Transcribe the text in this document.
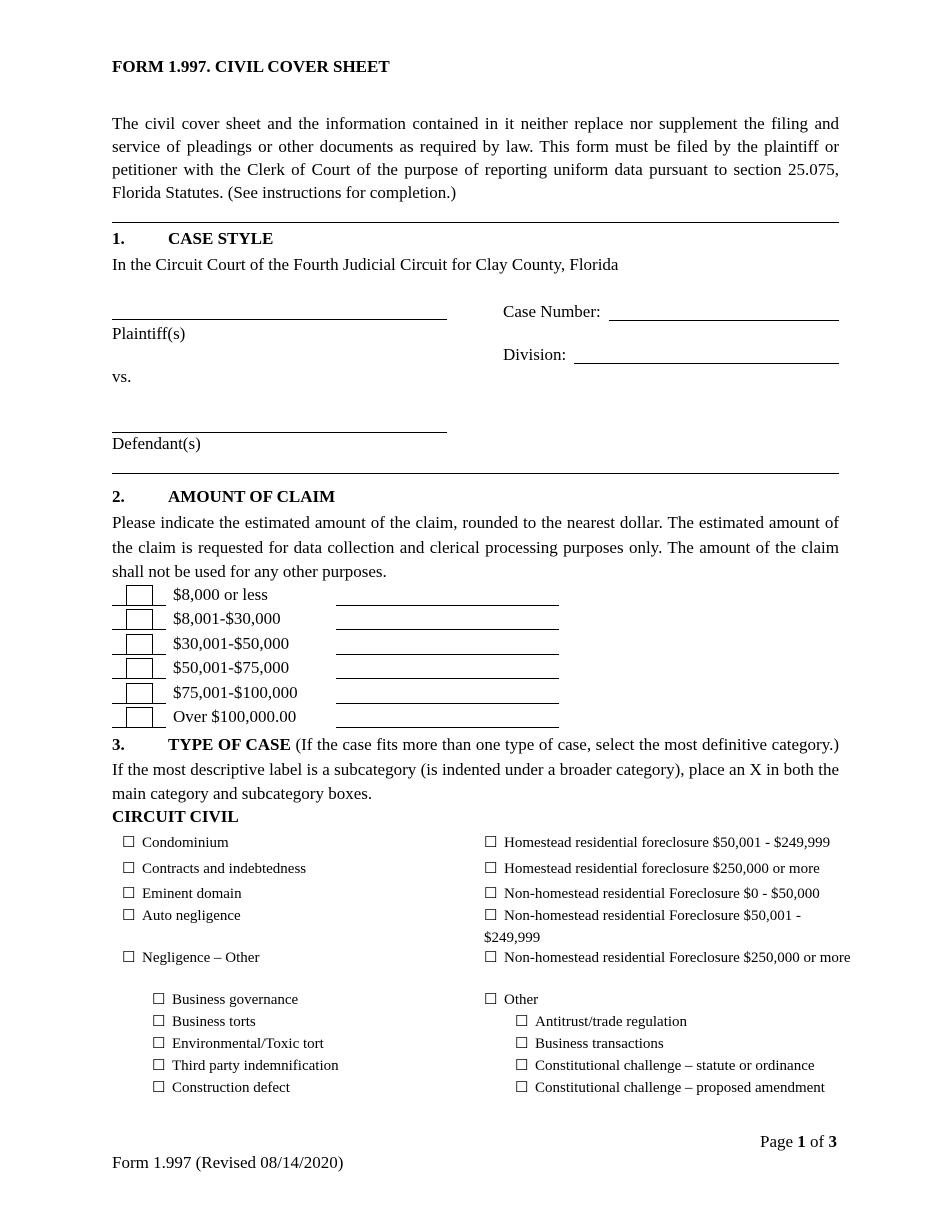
FORM 1.997. CIVIL COVER SHEET
The civil cover sheet and the information contained in it neither replace nor supplement the filing and service of pleadings or other documents as required by law. This form must be filed by the plaintiff or petitioner with the Clerk of Court of the purpose of reporting uniform data pursuant to section 25.075, Florida Statutes. (See instructions for completion.)
1.	CASE STYLE
In the Circuit Court of the Fourth Judicial Circuit for Clay County, Florida
Plaintiff(s)
vs.
Defendant(s)
Case Number:
Division:
2.	AMOUNT OF CLAIM
Please indicate the estimated amount of the claim, rounded to the nearest dollar. The estimated amount of the claim is requested for data collection and clerical processing purposes only. The amount of the claim shall not be used for any other purposes.
$8,000 or less
$8,001-$30,000
$30,001-$50,000
$50,001-$75,000
$75,001-$100,000
Over $100,000.00
3.	TYPE OF CASE (If the case fits more than one type of case, select the most definitive category.) If the most descriptive label is a subcategory (is indented under a broader category), place an X in both the main category and subcategory boxes.
CIRCUIT CIVIL
☐ Condominium
☐ Contracts and indebtedness
☐ Eminent domain
☐ Auto negligence
☐ Negligence – Other
☐ Business governance
☐ Business torts
☐ Environmental/Toxic tort
☐ Third party indemnification
☐ Construction defect
☐ Homestead residential foreclosure $50,001 - $249,999
☐ Homestead residential foreclosure $250,000 or more
☐ Non-homestead residential Foreclosure $0 - $50,000
☐ Non-homestead residential Foreclosure $50,001 - $249,999
☐ Non-homestead residential Foreclosure $250,000 or more
☐ Other
☐ Antitrust/trade regulation
☐ Business transactions
☐ Constitutional challenge – statute or ordinance
☐ Constitutional challenge – proposed amendment
Page 1 of 3
Form 1.997 (Revised 08/14/2020)
